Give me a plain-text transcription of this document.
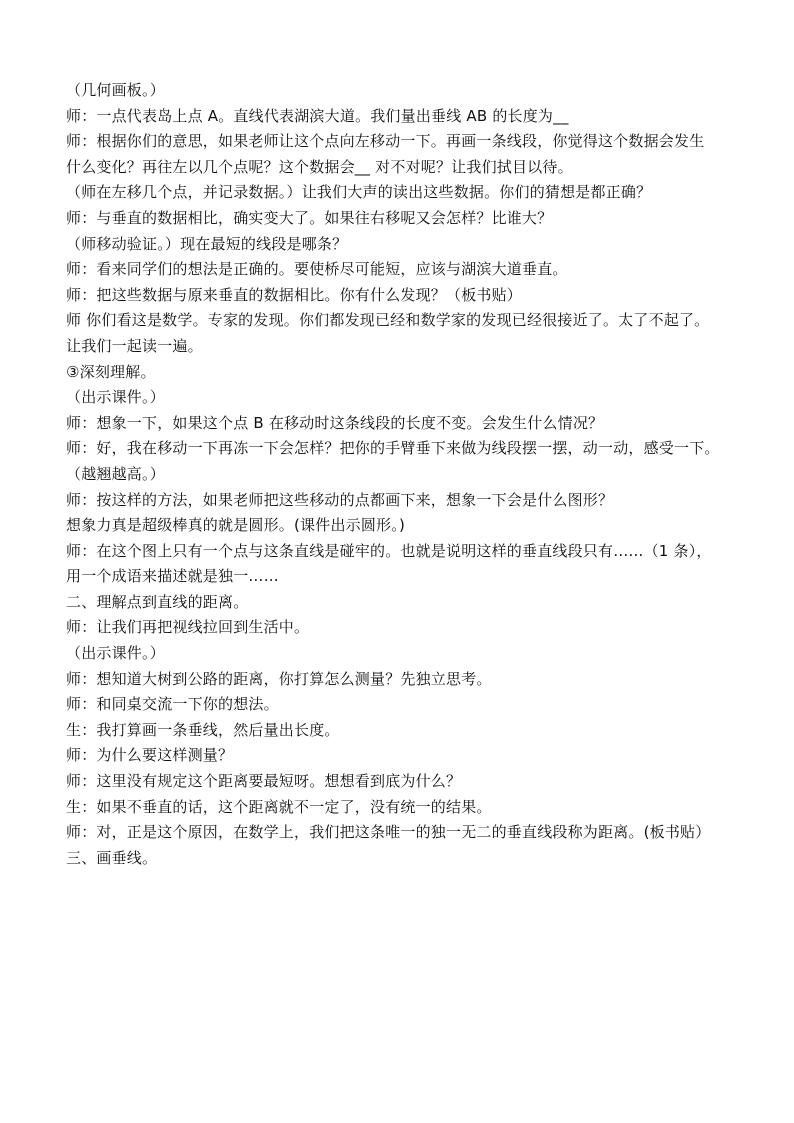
（几何画板。）
师：一点代表岛上点 A。直线代表湖滨大道。我们量出垂线 AB 的长度为__
师：根据你们的意思，如果老师让这个点向左移动一下。再画一条线段，你觉得这个数据会发生
什么变化？再往左以几个点呢？这个数据会__ 对不对呢？让我们拭目以待。
（师在左移几个点，并记录数据。）让我们大声的读出这些数据。你们的猜想是都正确？
师：与垂直的数据相比，确实变大了。如果往右移呢又会怎样？比谁大？
（师移动验证。）现在最短的线段是哪条？
师：看来同学们的想法是正确的。要使桥尽可能短，应该与湖滨大道垂直。
师：把这些数据与原来垂直的数据相比。你有什么发现？（板书贴）
师 你们看这是数学。专家的发现。你们都发现已经和数学家的发现已经很接近了。太了不起了。
让我们一起读一遍。
③深刻理解。
（出示课件。）
师：想象一下，如果这个点 B 在移动时这条线段的长度不变。会发生什么情况？
师：好，我在移动一下再冻一下会怎样？把你的手臂垂下来做为线段摆一摆，动一动，感受一下。
（越翘越高。）
师：按这样的方法，如果老师把这些移动的点都画下来，想象一下会是什么图形？
想象力真是超级棒真的就是圆形。(课件出示圆形。)
师：在这个图上只有一个点与这条直线是碰牢的。也就是说明这样的垂直线段只有……（1 条），
用一个成语来描述就是独一……
二、理解点到直线的距离。
师：让我们再把视线拉回到生活中。
（出示课件。）
师：想知道大树到公路的距离，你打算怎么测量？先独立思考。
师：和同桌交流一下你的想法。
生：我打算画一条垂线，然后量出长度。
师：为什么要这样测量？
师：这里没有规定这个距离要最短呀。想想看到底为什么？
生：如果不垂直的话，这个距离就不一定了，没有统一的结果。
师：对，正是这个原因，在数学上，我们把这条唯一的独一无二的垂直线段称为距离。(板书贴）
三、画垂线。
